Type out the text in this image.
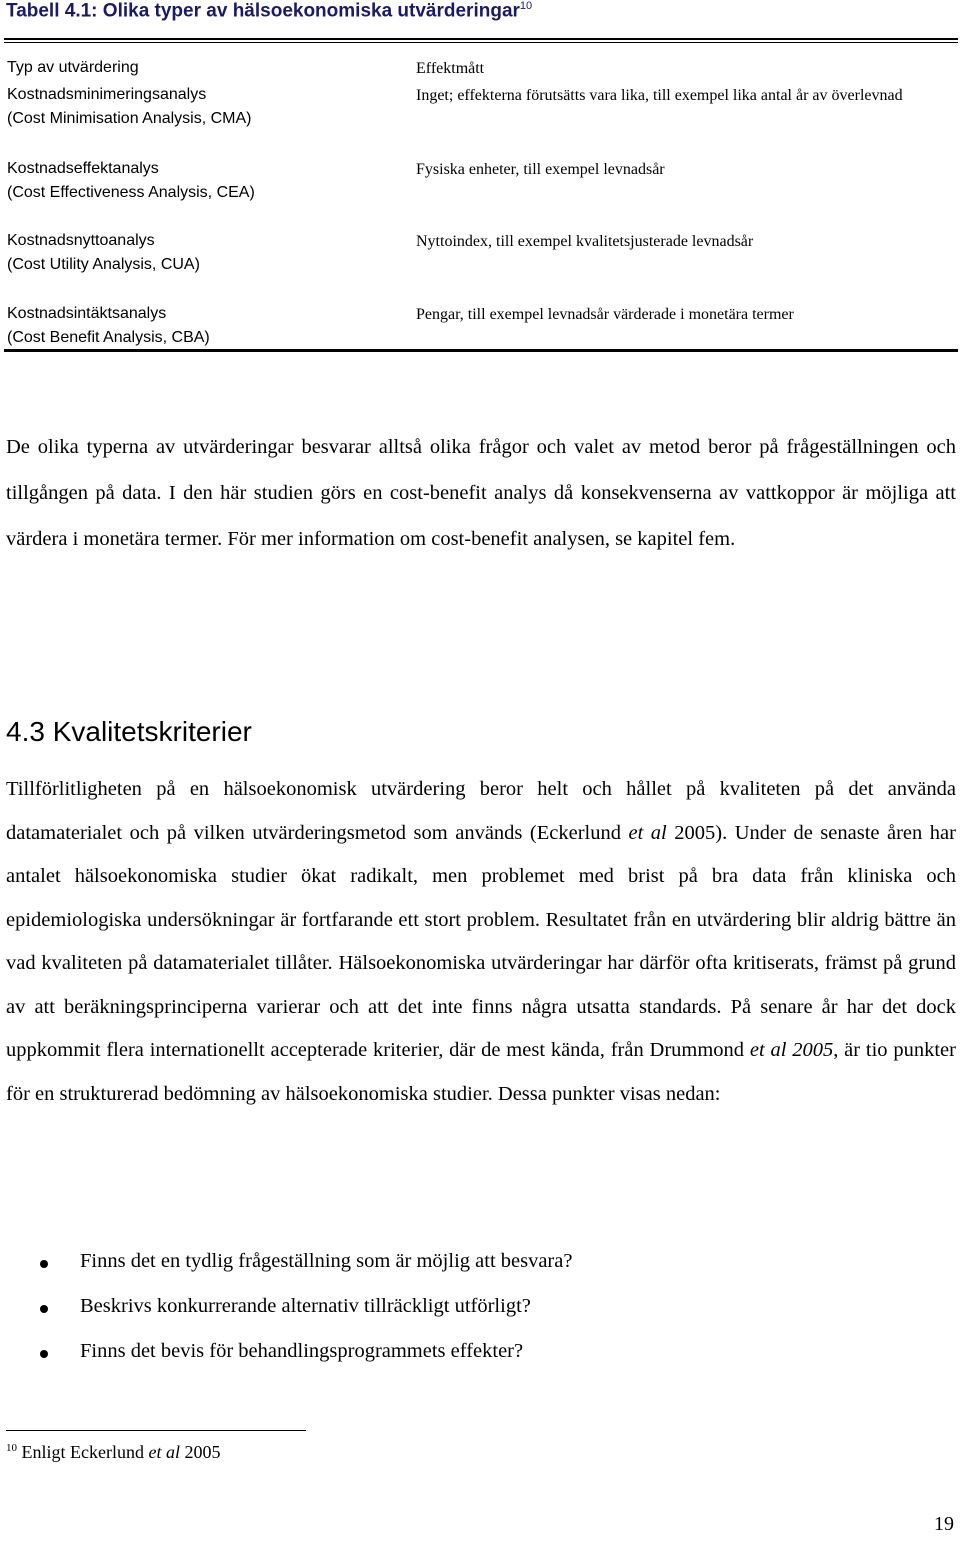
Tabell 4.1: Olika typer av hälsoekonomiska utvärderingar$^{10}$
Typ av utvärdering	Effektmått
Kostnadsminimeringsanalys
(Cost Minimisation Analysis, CMA)
Inget; effekterna förutsätts vara lika, till exempel lika antal år av överlevnad
Kostnadseffektanalys
(Cost Effectiveness Analysis, CEA)
Fysiska enheter, till exempel levnadsår
Kostnadsnyttoanalys
(Cost Utility Analysis, CUA)
Nyttoindex, till exempel kvalitetsjusterade levnadsår
Kostnadsintäktsanalys
(Cost Benefit Analysis, CBA)
Pengar, till exempel levnadsår värderade i monetära termer

De olika typerna av utvärderingar besvarar alltså olika frågor och valet av metod beror på frågeställningen och tillgången på data. I den här studien görs en cost-benefit analys då konsekvenserna av vattkoppor är möjliga att värdera i monetära termer. För mer information om cost-benefit analysen, se kapitel fem.

4.3 Kvalitetskriterier

Tillförlitligheten på en hälsoekonomisk utvärdering beror helt och hållet på kvaliteten på det använda datamaterialet och på vilken utvärderingsmetod som används (Eckerlund et al 2005). Under de senaste åren har antalet hälsoekonomiska studier ökat radikalt, men problemet med brist på bra data från kliniska och epidemiologiska undersökningar är fortfarande ett stort problem. Resultatet från en utvärdering blir aldrig bättre än vad kvaliteten på datamaterialet tillåter. Hälsoekonomiska utvärderingar har därför ofta kritiserats, främst på grund av att beräkningsprinciperna varierar och att det inte finns några utsatta standards. På senare år har det dock uppkommit flera internationellt accepterade kriterier, där de mest kända, från Drummond et al 2005, är tio punkter för en strukturerad bedömning av hälsoekonomiska studier. Dessa punkter visas nedan:

Finns det en tydlig frågeställning som är möjlig att besvara?
Beskrivs konkurrerande alternativ tillräckligt utförligt?
Finns det bevis för behandlingsprogrammets effekter?
$^{10}$ Enligt Eckerlund et al 2005
19
